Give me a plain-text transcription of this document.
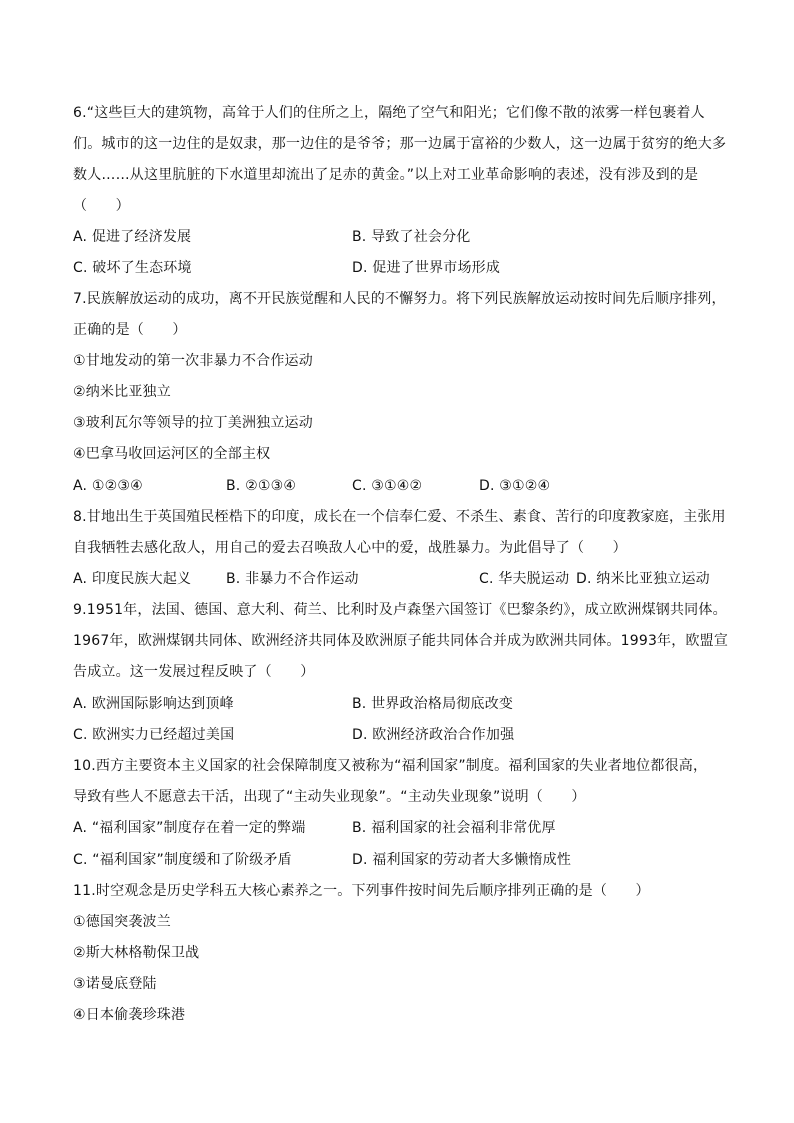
6.“这些巨大的建筑物，高耸于人们的住所之上，隔绝了空气和阳光；它们像不散的浓雾一样包裹着人
们。城市的这一边住的是奴隶，那一边住的是爷爷；那一边属于富裕的少数人，这一边属于贫穷的绝大多
数人……从这里肮脏的下水道里却流出了足赤的黄金。”以上对工业革命影响的表述，没有涉及到的是
（　　）
A. 促进了经济发展	B. 导致了社会分化
C. 破坏了生态环境	D. 促进了世界市场形成
7.民族解放运动的成功，离不开民族觉醒和人民的不懈努力。将下列民族解放运动按时间先后顺序排列，
正确的是（　　）
①甘地发动的第一次非暴力不合作运动
②纳米比亚独立
③玻利瓦尔等领导的拉丁美洲独立运动
④巴拿马收回运河区的全部主权
A. ①②③④	B. ②①③④	C. ③①④②	D. ③①②④
8.甘地出生于英国殖民桎梏下的印度，成长在一个信奉仁爱、不杀生、素食、苦行的印度教家庭，主张用
自我牺牲去感化敌人，用自己的爱去召唤敌人心中的爱，战胜暴力。为此倡导了（　　）
A. 印度民族大起义 B. 非暴力不合作运动	C. 华夫脱运动 D. 纳米比亚独立运动
9.1951年，法国、德国、意大利、荷兰、比利时及卢森堡六国签订《巴黎条约》，成立欧洲煤钢共同体。
1967年，欧洲煤钢共同体、欧洲经济共同体及欧洲原子能共同体合并成为欧洲共同体。1993年，欧盟宣
告成立。这一发展过程反映了（　　）
A. 欧洲国际影响达到顶峰	B. 世界政治格局彻底改变
C. 欧洲实力已经超过美国	D. 欧洲经济政治合作加强
10.西方主要资本主义国家的社会保障制度又被称为“福利国家”制度。福利国家的失业者地位都很高，
导致有些人不愿意去干活，出现了“主动失业现象”。“主动失业现象”说明（　　）
A. “福利国家”制度存在着一定的弊端	B. 福利国家的社会福利非常优厚
C. “福利国家”制度缓和了阶级矛盾	D. 福利国家的劳动者大多懒惰成性
11.时空观念是历史学科五大核心素养之一。下列事件按时间先后顺序排列正确的是（　　）
①德国突袭波兰
②斯大林格勒保卫战
③诺曼底登陆
④日本偷袭珍珠港
